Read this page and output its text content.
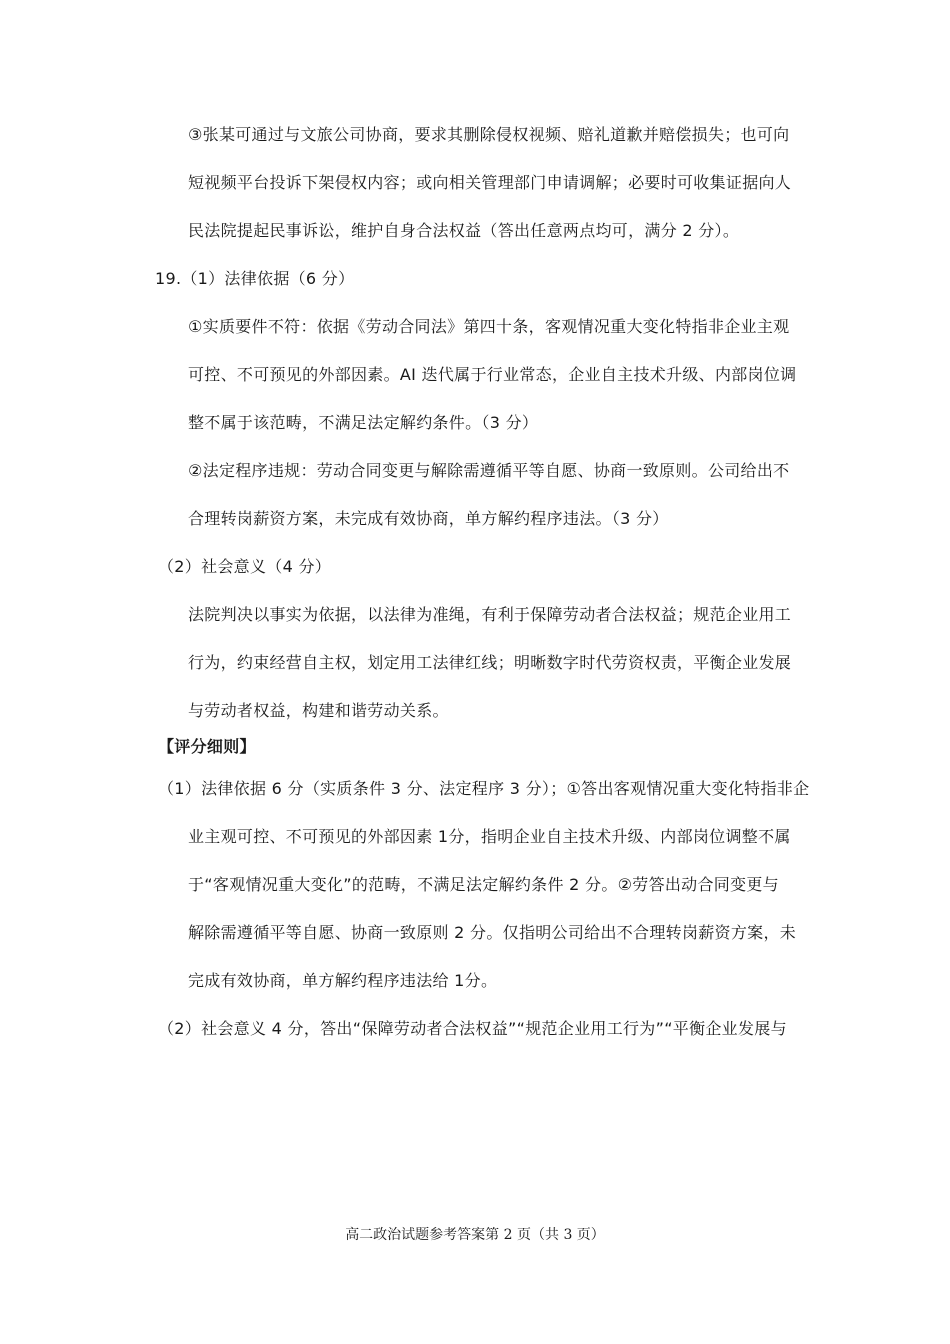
③张某可通过与文旅公司协商，要求其删除侵权视频、赔礼道歉并赔偿损失；也可向
短视频平台投诉下架侵权内容；或向相关管理部门申请调解；必要时可收集证据向人
民法院提起民事诉讼，维护自身合法权益（答出任意两点均可，满分 2 分）。
19.（1）法律依据（6 分）
①实质要件不符：依据《劳动合同法》第四十条，客观情况重大变化特指非企业主观
可控、不可预见的外部因素。AI 迭代属于行业常态，企业自主技术升级、内部岗位调
整不属于该范畴，不满足法定解约条件。（3 分）
②法定程序违规：劳动合同变更与解除需遵循平等自愿、协商一致原则。公司给出不
合理转岗薪资方案，未完成有效协商，单方解约程序违法。（3 分）
（2）社会意义（4 分）
法院判决以事实为依据，以法律为准绳，有利于保障劳动者合法权益；规范企业用工
行为，约束经营自主权，划定用工法律红线；明晰数字时代劳资权责，平衡企业发展
与劳动者权益，构建和谐劳动关系。
【评分细则】
（1）法律依据 6 分（实质条件 3 分、法定程序 3 分）；①答出客观情况重大变化特指非企
业主观可控、不可预见的外部因素 1分，指明企业自主技术升级、内部岗位调整不属
于“客观情况重大变化”的范畴，不满足法定解约条件 2 分。②劳答出动合同变更与
解除需遵循平等自愿、协商一致原则 2 分。仅指明公司给出不合理转岗薪资方案，未
完成有效协商，单方解约程序违法给 1分。
（2）社会意义 4 分，答出“保障劳动者合法权益”“规范企业用工行为”“平衡企业发展与
高二政治试题参考答案第 2 页（共 3 页）
